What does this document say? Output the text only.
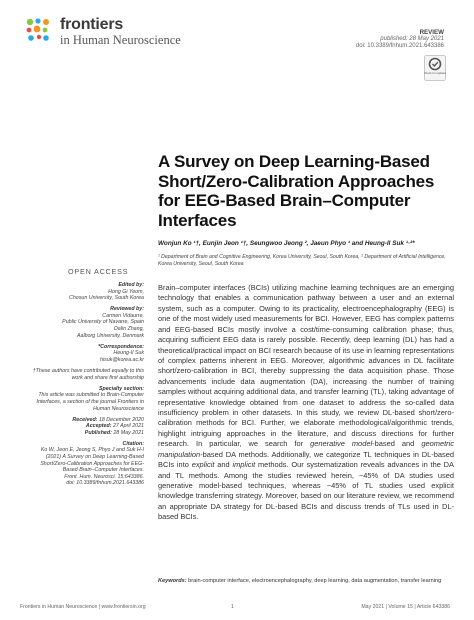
frontiers
in Human Neuroscience
REVIEW
published: 28 May 2021
doi: 10.3389/fnhum.2021.643386
Check for updates
A Survey on Deep Learning-Based Short/Zero-Calibration Approaches for EEG-Based Brain–Computer Interfaces
Wonjun Ko ¹†, Eunjin Jeon ¹†, Seungwoo Jeong ², Jaeun Phyo ¹ and Heung-Il Suk ¹·²*
¹ Department of Brain and Cognitive Engineering, Korea University, Seoul, South Korea, ² Department of Artificial Intelligence, Korea University, Seoul, South Korea
OPEN ACCESS
Edited by:
Hong Gi Yeom,
Chosun University, South Korea
Reviewed by:
Carmen Vidaurre,
Public University of Navarre, Spain
Dalin Zhang,
Aalborg University, Denmark
*Correspondence:
Heung-Il Suk
hisuk@korea.ac.kr
†These authors have contributed equally to this work and share first authorship
Specialty section:
This article was submitted to Brain-Computer Interfaces, a section of the journal Frontiers in Human Neuroscience
Received: 18 December 2020
Accepted: 27 April 2021
Published: 28 May 2021
Citation:
Ko W, Jeon E, Jeong S, Phyo J and Suk H-I (2021) A Survey on Deep Learning-Based Short/Zero-Calibration Approaches for EEG-Based Brain–Computer Interfaces.
Front. Hum. Neurosci. 15:643386.
doi: 10.3389/fnhum.2021.643386

Brain–computer interfaces (BCIs) utilizing machine learning techniques are an emerging technology that enables a communication pathway between a user and an external system, such as a computer. Owing to its practicality, electroencephalography (EEG) is one of the most widely used measurements for BCI. However, EEG has complex patterns and EEG-based BCIs mostly involve a cost/time-consuming calibration phase; thus, acquiring sufficient EEG data is rarely possible. Recently, deep learning (DL) has had a theoretical/practical impact on BCI research because of its use in learning representations of complex patterns inherent in EEG. Moreover, algorithmic advances in DL facilitate short/zero-calibration in BCI, thereby suppressing the data acquisition phase. Those advancements include data augmentation (DA), increasing the number of training samples without acquiring additional data, and transfer learning (TL), taking advantage of representative knowledge obtained from one dataset to address the so-called data insufficiency problem in other datasets. In this study, we review DL-based short/zero-calibration methods for BCI. Further, we elaborate methodological/algorithmic trends, highlight intriguing approaches in the literature, and discuss directions for further research. In particular, we search for generative model-based and geometric manipulation-based DA methods. Additionally, we categorize TL techniques in DL-based BCIs into explicit and implicit methods. Our systematization reveals advances in the DA and TL methods. Among the studies reviewed herein, ~45% of DA studies used generative model-based techniques, whereas ~45% of TL studies used explicit knowledge transferring strategy. Moreover, based on our literature review, we recommend an appropriate DA strategy for DL-based BCIs and discuss trends of TLs used in DL-based BCIs.

Keywords: brain-computer interface, electroencephalography, deep learning, data augmentation, transfer learning
Frontiers in Human Neuroscience | www.frontiersin.org	1	May 2021 | Volume 15 | Article 643386
